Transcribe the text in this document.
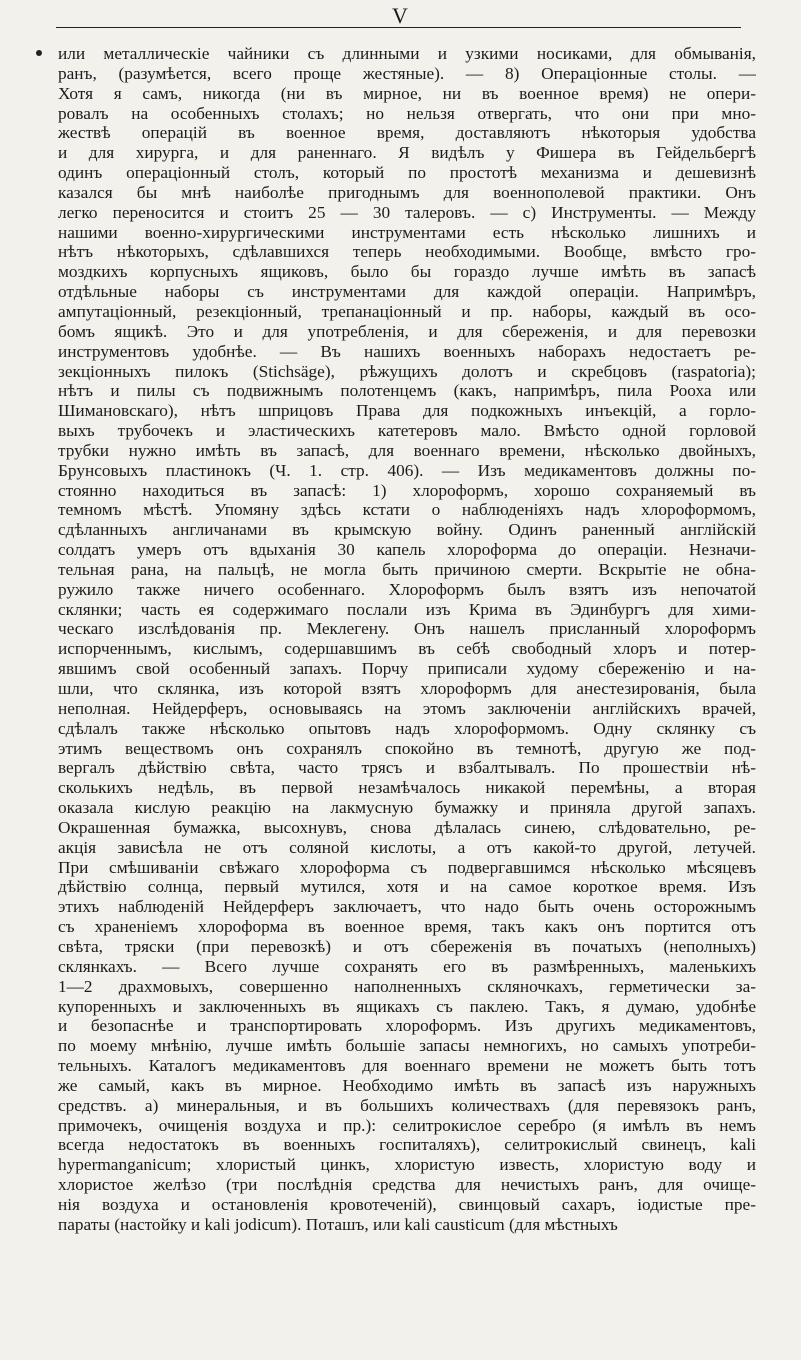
V
или металлическіе чайники съ длинными и узкими носиками, для обмыванія,
ранъ, (разумѣется, всего проще жестяные). — 8) Операціонные столы. —
Хотя я самъ, никогда (ни въ мирное, ни въ военное время) не опери-
ровалъ на особенныхъ столахъ; но нельзя отвергать, что они при мно-
жествѣ операцій въ военное время, доставляютъ нѣкоторыя удобства
и для хирурга, и для раненнаго. Я видѣлъ у Фишера въ Гейдельбергѣ
одинъ операціонный столъ, который по простотѣ механизма и дешевизнѣ
казался бы мнѣ наиболѣе пригоднымъ для военнополевой практики. Онъ
легко переносится и стоитъ 25 — 30 талеровъ. — с) Инструменты. — Между
нашими военно-хирургическими инструментами есть нѣсколько лишнихъ и
нѣтъ нѣкоторыхъ, сдѣлавшихся теперь необходимыми. Вообще, вмѣсто гро-
моздкихъ корпусныхъ ящиковъ, было бы гораздо лучше имѣть въ запасѣ
отдѣльные наборы съ инструментами для каждой операціи. Напримѣръ,
ампутаціонный, резекціонный, трепанаціонный и пр. наборы, каждый въ осо-
бомъ ящикѣ. Это и для употребленія, и для сбереженія, и для перевозки
инструментовъ удобнѣе. — Въ нашихъ военныхъ наборахъ недостаетъ ре-
зекціонныхъ пилокъ (Stichsäge), рѣжущихъ долотъ и скребцовъ (raspatoria);
нѣтъ и пилы съ подвижнымъ полотенцемъ (какъ, напримѣръ, пила Рооха или
Шимановскаго), нѣтъ шприцовъ Права для подкожныхъ инъекцій, а горло-
выхъ трубочекъ и эластическихъ катетеровъ мало. Вмѣсто одной горловой
трубки нужно имѣть въ запасѣ, для военнаго времени, нѣсколько двойныхъ,
Брунсовыхъ пластинокъ (Ч. 1. стр. 406). — Изъ медикаментовъ должны по-
стоянно находиться въ запасѣ: 1) хлороформъ, хорошо сохраняемый въ
темномъ мѣстѣ. Упомяну здѣсь кстати о наблюденіяхъ надъ хлороформомъ,
сдѣланныхъ англичанами въ крымскую войну. Одинъ раненный англійскій
солдатъ умеръ отъ вдыханія 30 капель хлороформа до операціи. Незначи-
тельная рана, на пальцѣ, не могла быть причиною смерти. Вскрытіе не обна-
ружило также ничего особеннаго. Хлороформъ былъ взятъ изъ непочатой
склянки; часть ея содержимаго послали изъ Крима въ Эдинбургъ для хими-
ческаго изслѣдованія пр. Меклегену. Онъ нашелъ присланный хлороформъ
испорченнымъ, кислымъ, содершавшимъ въ себѣ свободный хлоръ и потер-
явшимъ свой особенный запахъ. Порчу приписали худому сбереженію и на-
шли, что склянка, изъ которой взятъ хлороформъ для анестезированія, была
неполная. Нейдерферъ, основываясь на этомъ заключеніи англійскихъ врачей,
сдѣлалъ также нѣсколько опытовъ надъ хлороформомъ. Одну склянку съ
этимъ веществомъ онъ сохранялъ спокойно въ темнотѣ, другую же под-
вергалъ дѣйствію свѣта, часто трясъ и взбалтывалъ. По прошествіи нѣ-
сколькихъ недѣль, въ первой незамѣчалось никакой перемѣны, а вторая
оказала кислую реакцію на лакмусную бумажку и приняла другой запахъ.
Окрашенная бумажка, высохнувъ, снова дѣлалась синею, слѣдовательно, ре-
акція зависѣла не отъ соляной кислоты, а отъ какой-то другой, летучей.
При смѣшиваніи свѣжаго хлороформа съ подвергавшимся нѣсколько мѣсяцевъ
дѣйствію солнца, первый мутился, хотя и на самое короткое время. Изъ
этихъ наблюденій Нейдерферъ заключаетъ, что надо быть очень осторожнымъ
съ храненіемъ хлороформа въ военное время, такъ какъ онъ портится отъ
свѣта, тряски (при перевозкѣ) и отъ сбереженія въ початыхъ (неполныхъ)
склянкахъ. — Всего лучше сохранять его въ размѣренныхъ, маленькихъ
1—2 драхмовыхъ, совершенно наполненныхъ скляночкахъ, герметически за-
купоренныхъ и заключенныхъ въ ящикахъ съ паклею. Такъ, я думаю, удобнѣе
и безопаснѣе и транспортировать хлороформъ. Изъ другихъ медикаментовъ,
по моему мнѣнію, лучше имѣть большіе запасы немногихъ, но самыхъ употреби-
тельныхъ. Каталогъ медикаментовъ для военнаго времени не можетъ быть тотъ
же самый, какъ въ мирное. Необходимо имѣть въ запасѣ изъ наружныхъ
средствъ. а) минеральныя, и въ большихъ количествахъ (для перевязокъ ранъ,
примочекъ, очищенія воздуха и пр.): селитрокислое серебро (я имѣлъ въ немъ
всегда недостатокъ въ военныхъ госпиталяхъ), селитрокислый свинецъ, kali
hypermanganicum; хлористый цинкъ, хлористую известь, хлористую воду и
хлористое желѣзо (три послѣднія средства для нечистыхъ ранъ, для очище-
нія воздуха и остановленія кровотеченій), свинцовый сахаръ, іодистые пре-
параты (настойку и kali jodicum). Поташъ, или kali causticum (для мѣстныхъ
